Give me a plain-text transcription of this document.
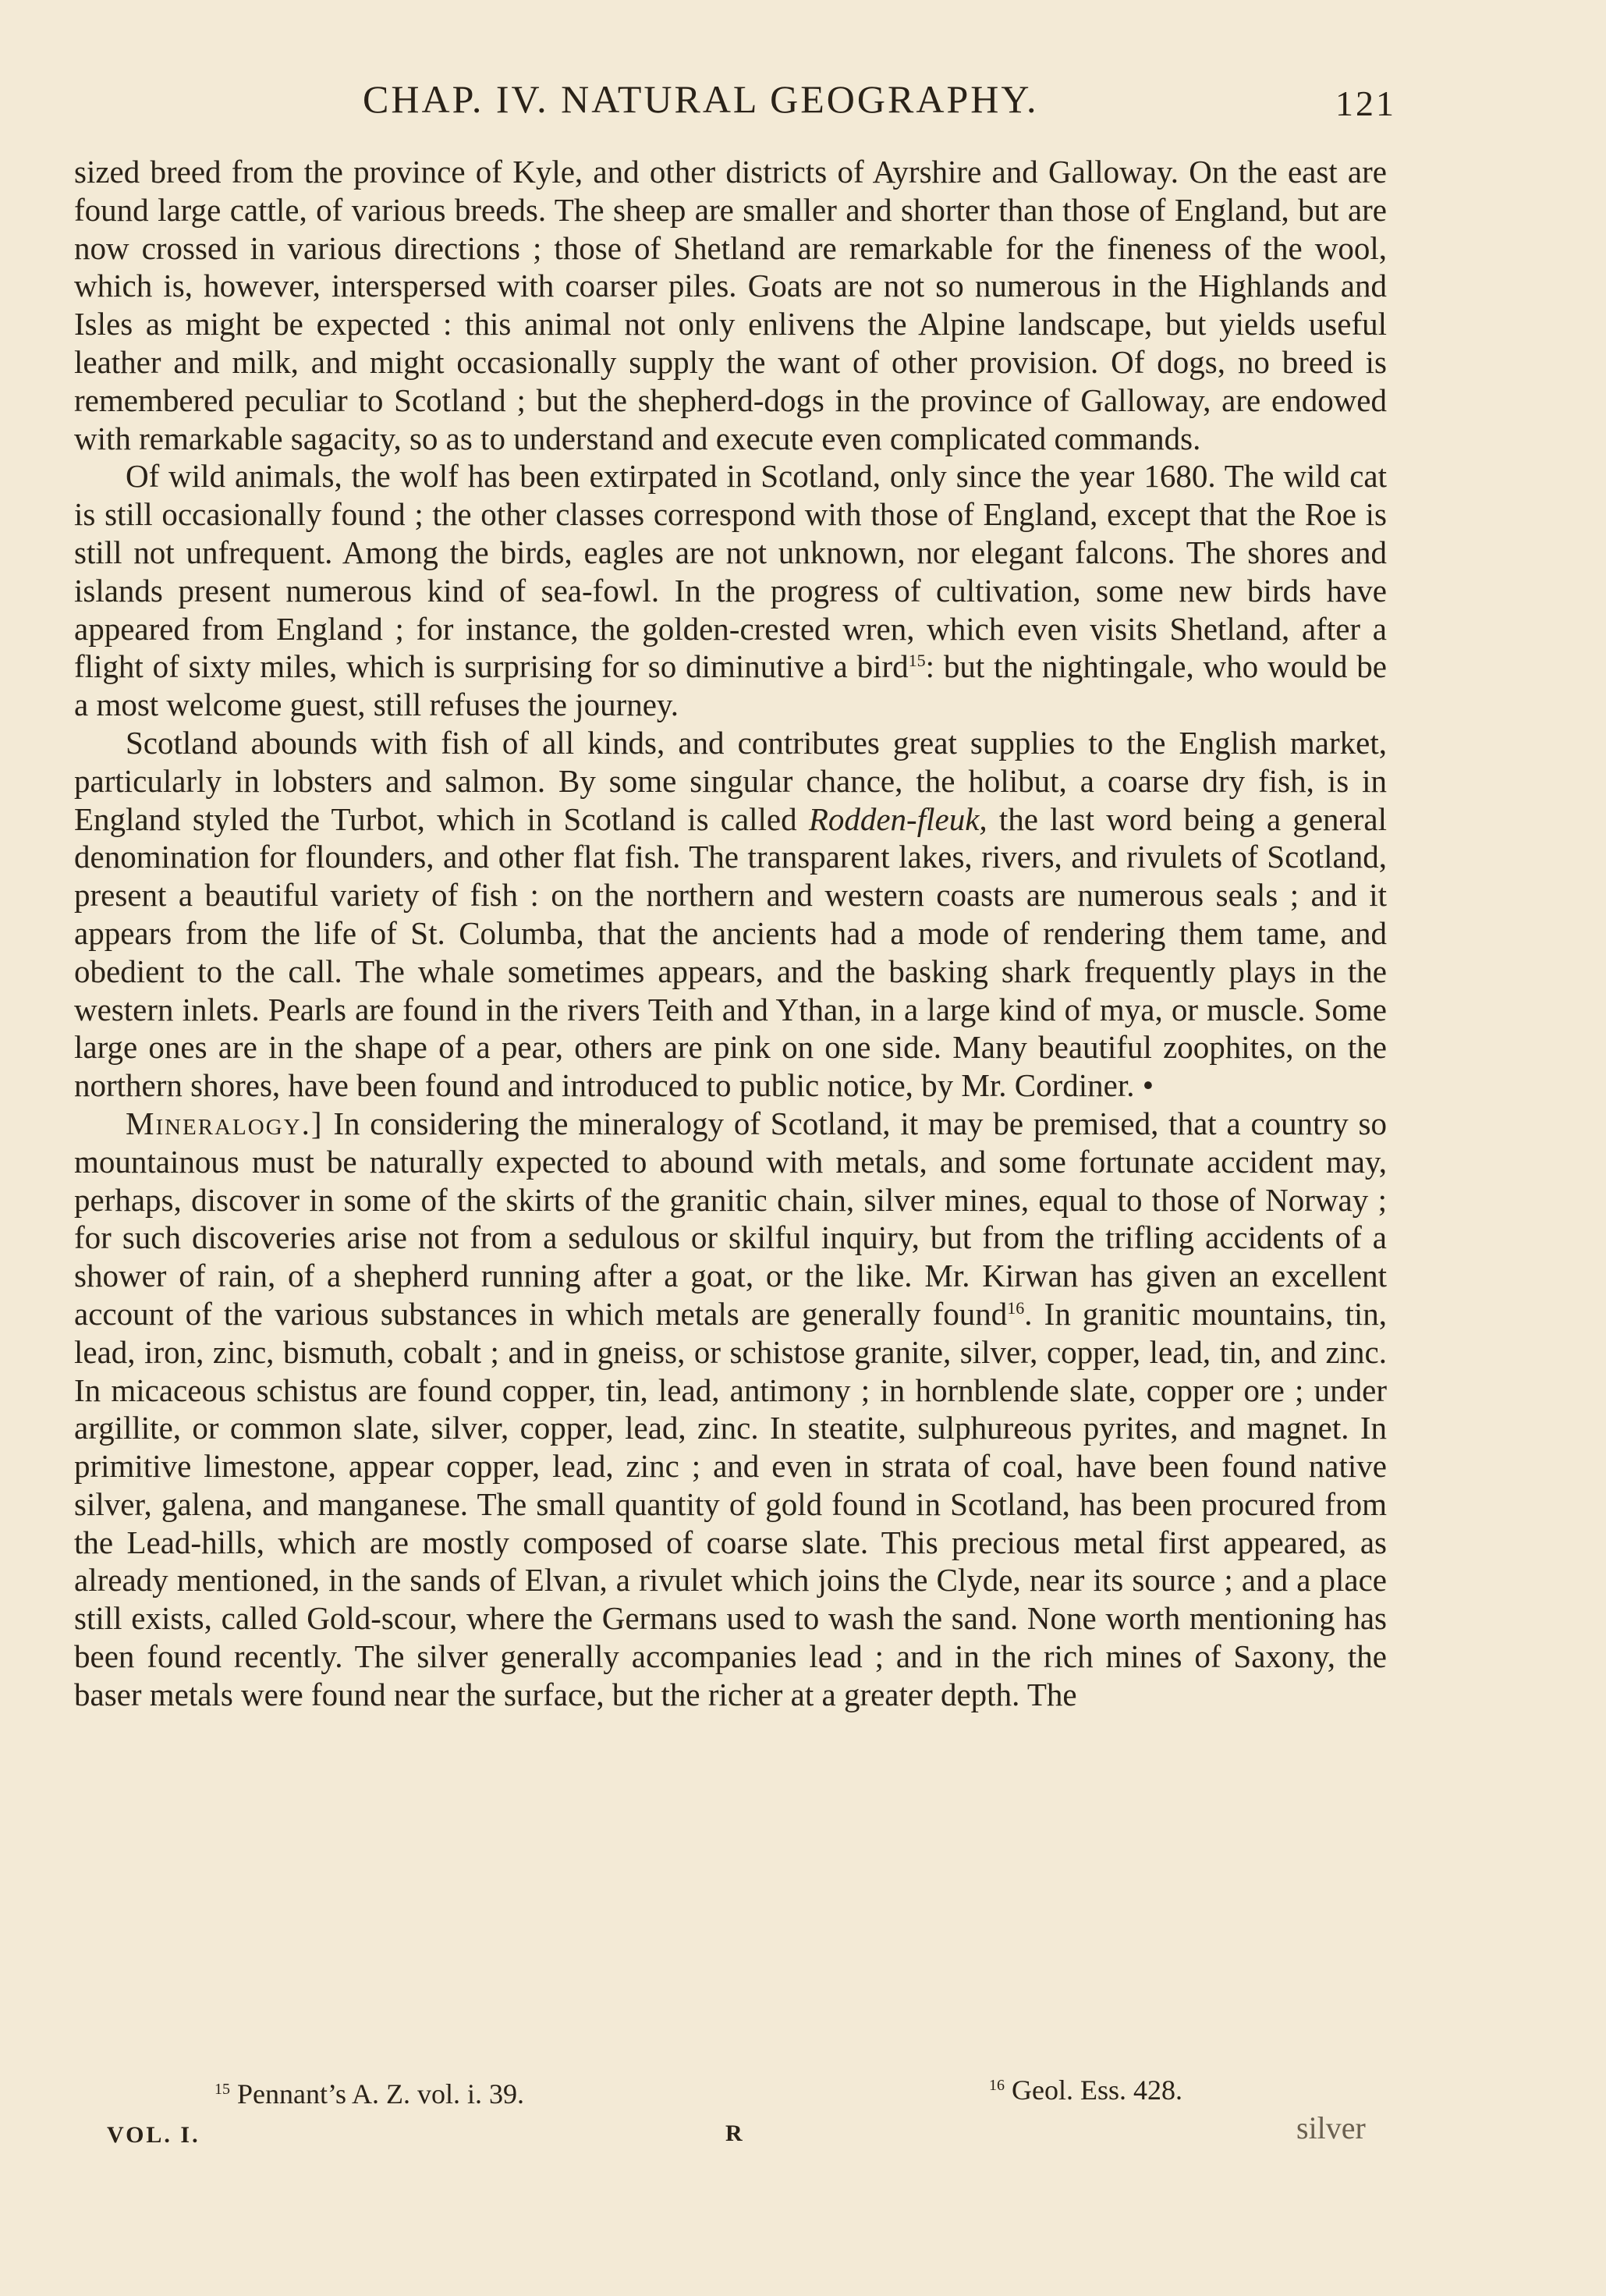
CHAP. IV. NATURAL GEOGRAPHY.	121

sized breed from the province of Kyle, and other districts of Ayrshire and Galloway. On the east are found large cattle, of various breeds. The sheep are smaller and shorter than those of England, but are now crossed in various directions ; those of Shetland are remarkable for the fineness of the wool, which is, however, interspersed with coarser piles. Goats are not so numerous in the Highlands and Isles as might be expected : this animal not only enlivens the Alpine landscape, but yields useful leather and milk, and might occasionally supply the want of other provision. Of dogs, no breed is remembered peculiar to Scotland ; but the shepherd-dogs in the province of Galloway, are endowed with remarkable sagacity, so as to understand and execute even complicated commands.

Of wild animals, the wolf has been extirpated in Scotland, only since the year 1680. The wild cat is still occasionally found ; the other classes correspond with those of England, except that the Roe is still not unfrequent. Among the birds, eagles are not unknown, nor elegant falcons. The shores and islands present numerous kind of sea-fowl. In the progress of cultivation, some new birds have appeared from England ; for instance, the golden-crested wren, which even visits Shetland, after a flight of sixty miles, which is surprising for so diminutive a bird$^{15}$: but the nightingale, who would be a most welcome guest, still refuses the journey.

Scotland abounds with fish of all kinds, and contributes great supplies to the English market, particularly in lobsters and salmon. By some singular chance, the holibut, a coarse dry fish, is in England styled the Turbot, which in Scotland is called Rodden-fleuk, the last word being a general denomination for flounders, and other flat fish. The transparent lakes, rivers, and rivulets of Scotland, present a beautiful variety of fish : on the northern and western coasts are numerous seals ; and it appears from the life of St. Columba, that the ancients had a mode of rendering them tame, and obedient to the call. The whale sometimes appears, and the basking shark frequently plays in the western inlets. Pearls are found in the rivers Teith and Ythan, in a large kind of mya, or muscle. Some large ones are in the shape of a pear, others are pink on one side. Many beautiful zoophites, on the northern shores, have been found and introduced to public notice, by Mr. Cordiner. •

Mineralogy.] In considering the mineralogy of Scotland, it may be premised, that a country so mountainous must be naturally expected to abound with metals, and some fortunate accident may, perhaps, discover in some of the skirts of the granitic chain, silver mines, equal to those of Norway ; for such discoveries arise not from a sedulous or skilful inquiry, but from the trifling accidents of a shower of rain, of a shepherd running after a goat, or the like. Mr. Kirwan has given an excellent account of the various substances in which metals are generally found$^{16}$. In granitic mountains, tin, lead, iron, zinc, bismuth, cobalt ; and in gneiss, or schistose granite, silver, copper, lead, tin, and zinc. In micaceous schistus are found copper, tin, lead, antimony ; in hornblende slate, copper ore ; under argillite, or common slate, silver, copper, lead, zinc. In steatite, sulphureous pyrites, and magnet. In primitive limestone, appear copper, lead, zinc ; and even in strata of coal, have been found native silver, galena, and manganese. The small quantity of gold found in Scotland, has been procured from the Lead-hills, which are mostly composed of coarse slate. This precious metal first appeared, as already mentioned, in the sands of Elvan, a rivulet which joins the Clyde, near its source ; and a place still exists, called Gold-scour, where the Germans used to wash the sand. None worth mentioning has been found recently. The silver generally accompanies lead ; and in the rich mines of Saxony, the baser metals were found near the surface, but the richer at a greater depth. The

$^{15}$ Pennant’s A. Z. vol. i. 39.	$^{16}$ Geol. Ess. 428.
VOL. I.	R	silver
